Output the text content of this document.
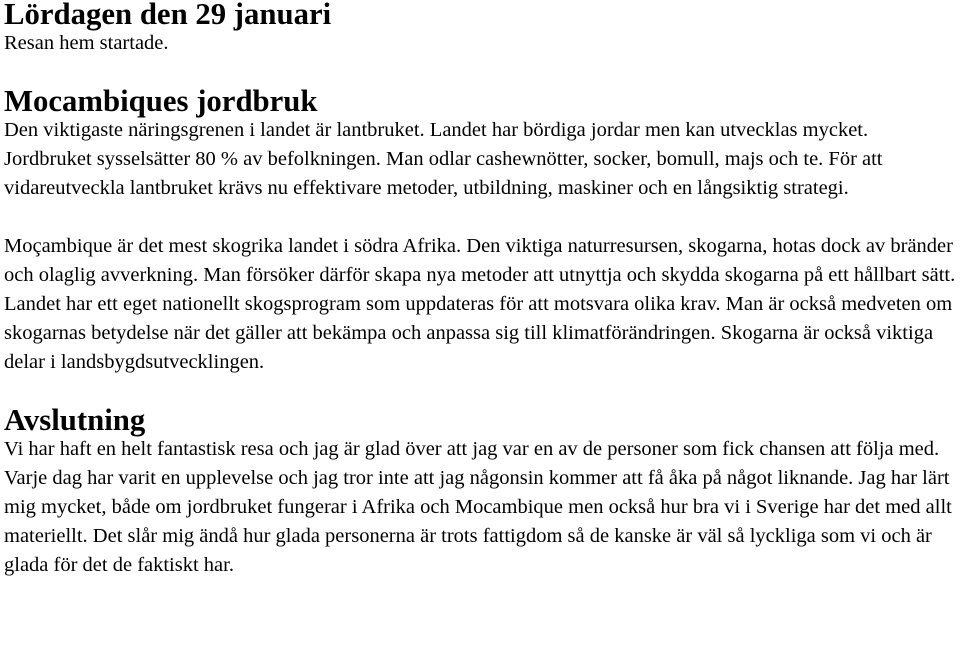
Lördagen den 29 januari

Resan hem startade.

Mocambiques jordbruk

Den viktigaste näringsgrenen i landet är lantbruket. Landet har bördiga jordar men kan utvecklas mycket. Jordbruket sysselsätter 80 % av befolkningen. Man odlar cashewnötter, socker, bomull, majs och te. För att vidareutveckla lantbruket krävs nu effektivare metoder, utbildning, maskiner och en långsiktig strategi.

Moçambique är det mest skogrika landet i södra Afrika. Den viktiga naturresursen, skogarna, hotas dock av bränder och olaglig avverkning. Man försöker därför skapa nya metoder att utnyttja och skydda skogarna på ett hållbart sätt. Landet har ett eget nationellt skogsprogram som uppdateras för att motsvara olika krav. Man är också medveten om skogarnas betydelse när det gäller att bekämpa och anpassa sig till klimatförändringen. Skogarna är också viktiga delar i landsbygdsutvecklingen.

Avslutning

Vi har haft en helt fantastisk resa och jag är glad över att jag var en av de personer som fick chansen att följa med. Varje dag har varit en upplevelse och jag tror inte att jag någonsin kommer att få åka på något liknande. Jag har lärt mig mycket, både om jordbruket fungerar i Afrika och Mocambique men också hur bra vi i Sverige har det med allt materiellt. Det slår mig ändå hur glada personerna är trots fattigdom så de kanske är väl så lyckliga som vi och är glada för det de faktiskt har.
